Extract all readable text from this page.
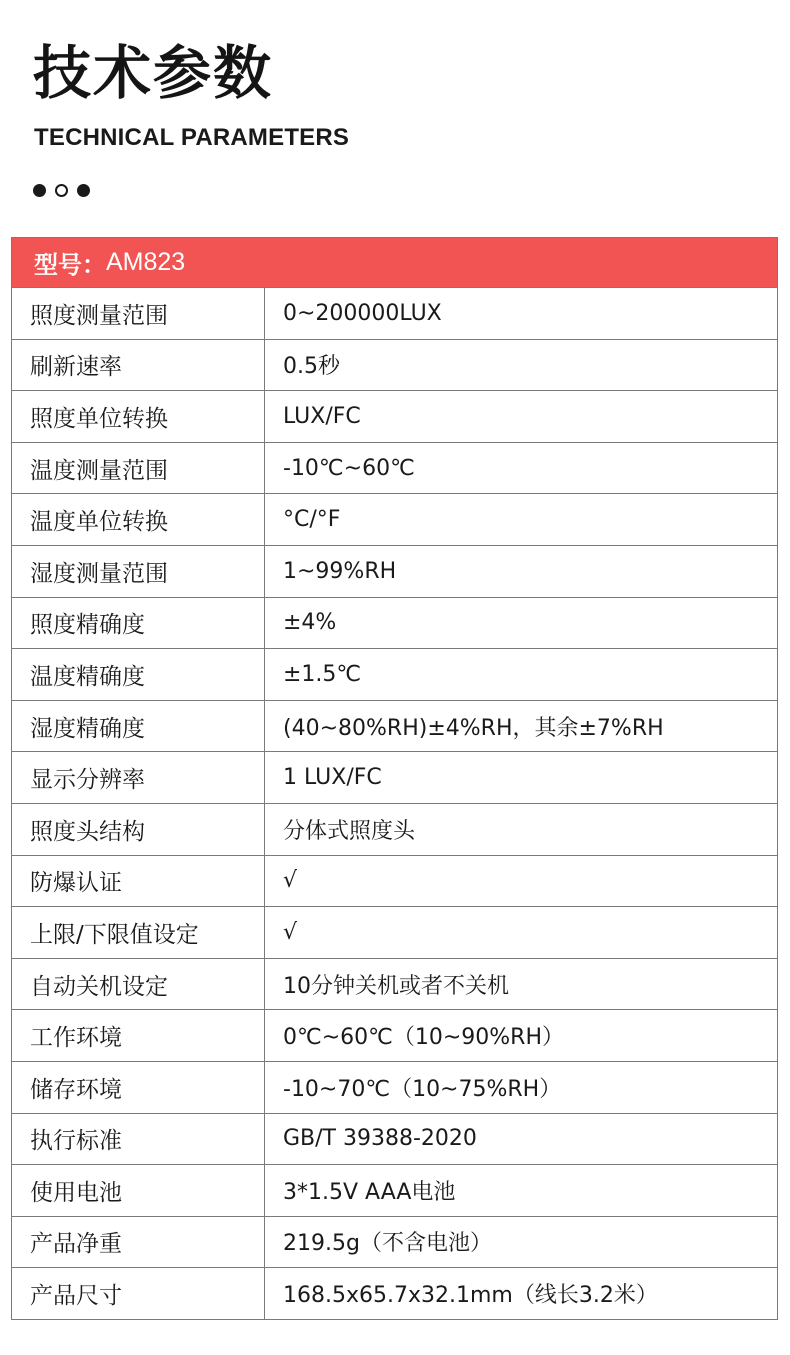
技术参数
TECHNICAL PARAMETERS
型号： AM823
照度测量范围	0~200000LUX
刷新速率	0.5秒
照度单位转换	LUX/FC
温度测量范围	-10℃~60℃
温度单位转换	°C/°F
湿度测量范围	1~99%RH
照度精确度	±4%
温度精确度	±1.5℃
湿度精确度	(40~80%RH)±4%RH，其余±7%RH
显示分辨率	1 LUX/FC
照度头结构	分体式照度头
防爆认证	√
上限/下限值设定	√
自动关机设定	10分钟关机或者不关机
工作环境	0℃~60℃（10~90%RH）
储存环境	-10~70℃（10~75%RH）
执行标准	GB/T 39388-2020
使用电池	3*1.5V AAA电池
产品净重	219.5g（不含电池）
产品尺寸	168.5x65.7x32.1mm（线长3.2米）
